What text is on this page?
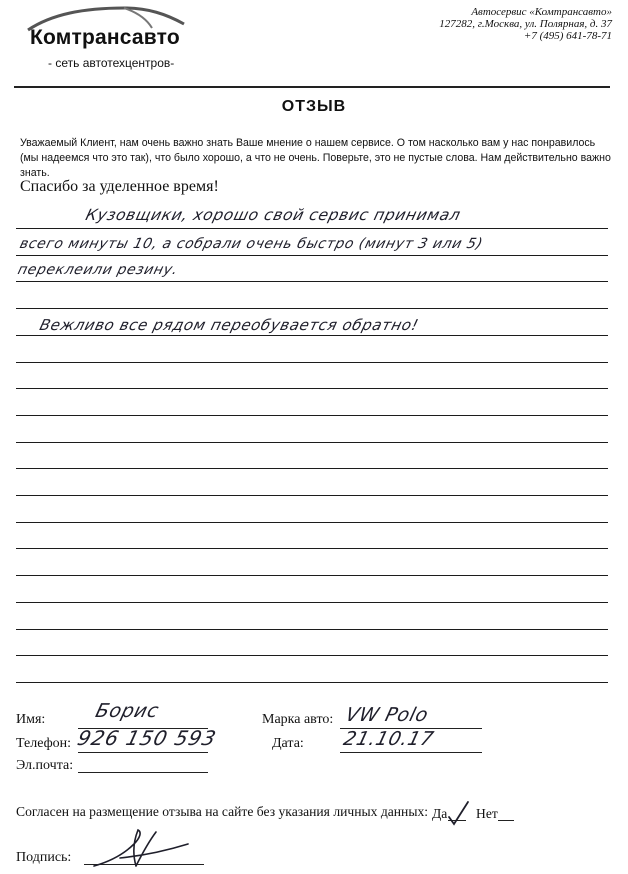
Комтрансавто
- сеть автотехцентров-
Автосервис «Комтрансавто»
127282, г.Москва, ул. Полярная, д. 37
+7 (495) 641-78-71
ОТЗЫВ
Уважаемый Клиент, нам очень важно знать Ваше мнение о нашем сервисе. О том насколько вам у нас понравилось (мы надеемся что это так), что было хорошо, а что не очень. Поверьте, это не пустые слова. Нам действительно важно знать.
Спасибо за уделенное время!
Кузовщики, хорошо свой сервис принимал
всего минуты 10, а собрали очень быстро (минут 3 или 5)
переклеили резину.
Вежливо все рядом переобувается обратно!
Имя:	Борис
Телефон: 926 150 593
Эл.почта:
Марка авто: VW Polo
Дата: 21.10.17
Согласен на размещение отзыва на сайте без указания личных данных: Да Нет
Подпись:
